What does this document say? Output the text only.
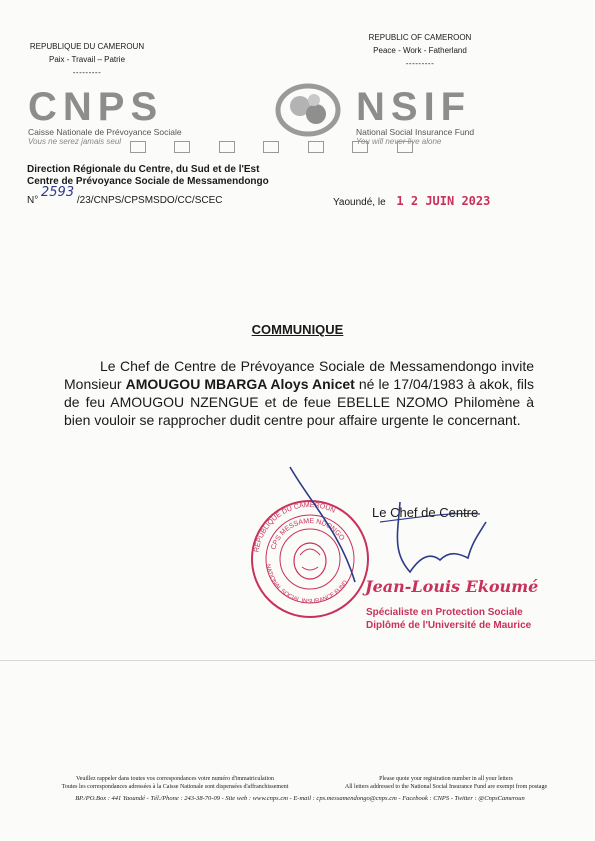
REPUBLIQUE DU CAMEROUN
Paix - Travail – Patrie
---------
REPUBLIC OF CAMEROON
Peace - Work - Fatherland
---------
CNPS
Caisse Nationale de Prévoyance Sociale
Vous ne serez jamais seul
NSIF
National Social Insurance Fund
You will never live alone

Direction Régionale du Centre, du Sud et de l'Est
Centre de Prévoyance Sociale de Messamendongo
N° 2593 /23/CNPS/CPSMSDO/CC/SCEC	Yaoundé, le 1 2 JUIN 2023
COMMUNIQUE
Le Chef de Centre de Prévoyance Sociale de Messamendongo invite Monsieur AMOUGOU MBARGA Aloys Anicet né le 17/04/1983 à akok, fils de feu AMOUGOU NZENGUE et de feue EBELLE NZOMO Philomène à bien vouloir se rapprocher dudit centre pour affaire urgente le concernant.
REPUBLIQUE DU CAMEROUN
CPS MESSAME NDONGO
NATIONAL SOCIAL INSURANCE FUND
Le Chef de Centre
Jean-Louis Ekoumé
Spécialiste en Protection Sociale
Diplômé de l'Université de Maurice
Veuillez rappeler dans toutes vos correspondances votre numéro d'immatriculation
Toutes les correspondances adressées à la Caisse Nationale sont dispensées d'affranchissement
Please quote your registration number in all your letters
All letters addressed to the National Social Insurance Fund are exempt from postage
BP./PO.Box : 441 Yaoundé - Tél./Phone : 243-38-70-09 - Site web : www.cnps.cm - E-mail : cps.messamendongo@cnps.cm - Facebook : CNPS - Twitter : @CnpsCameroun
